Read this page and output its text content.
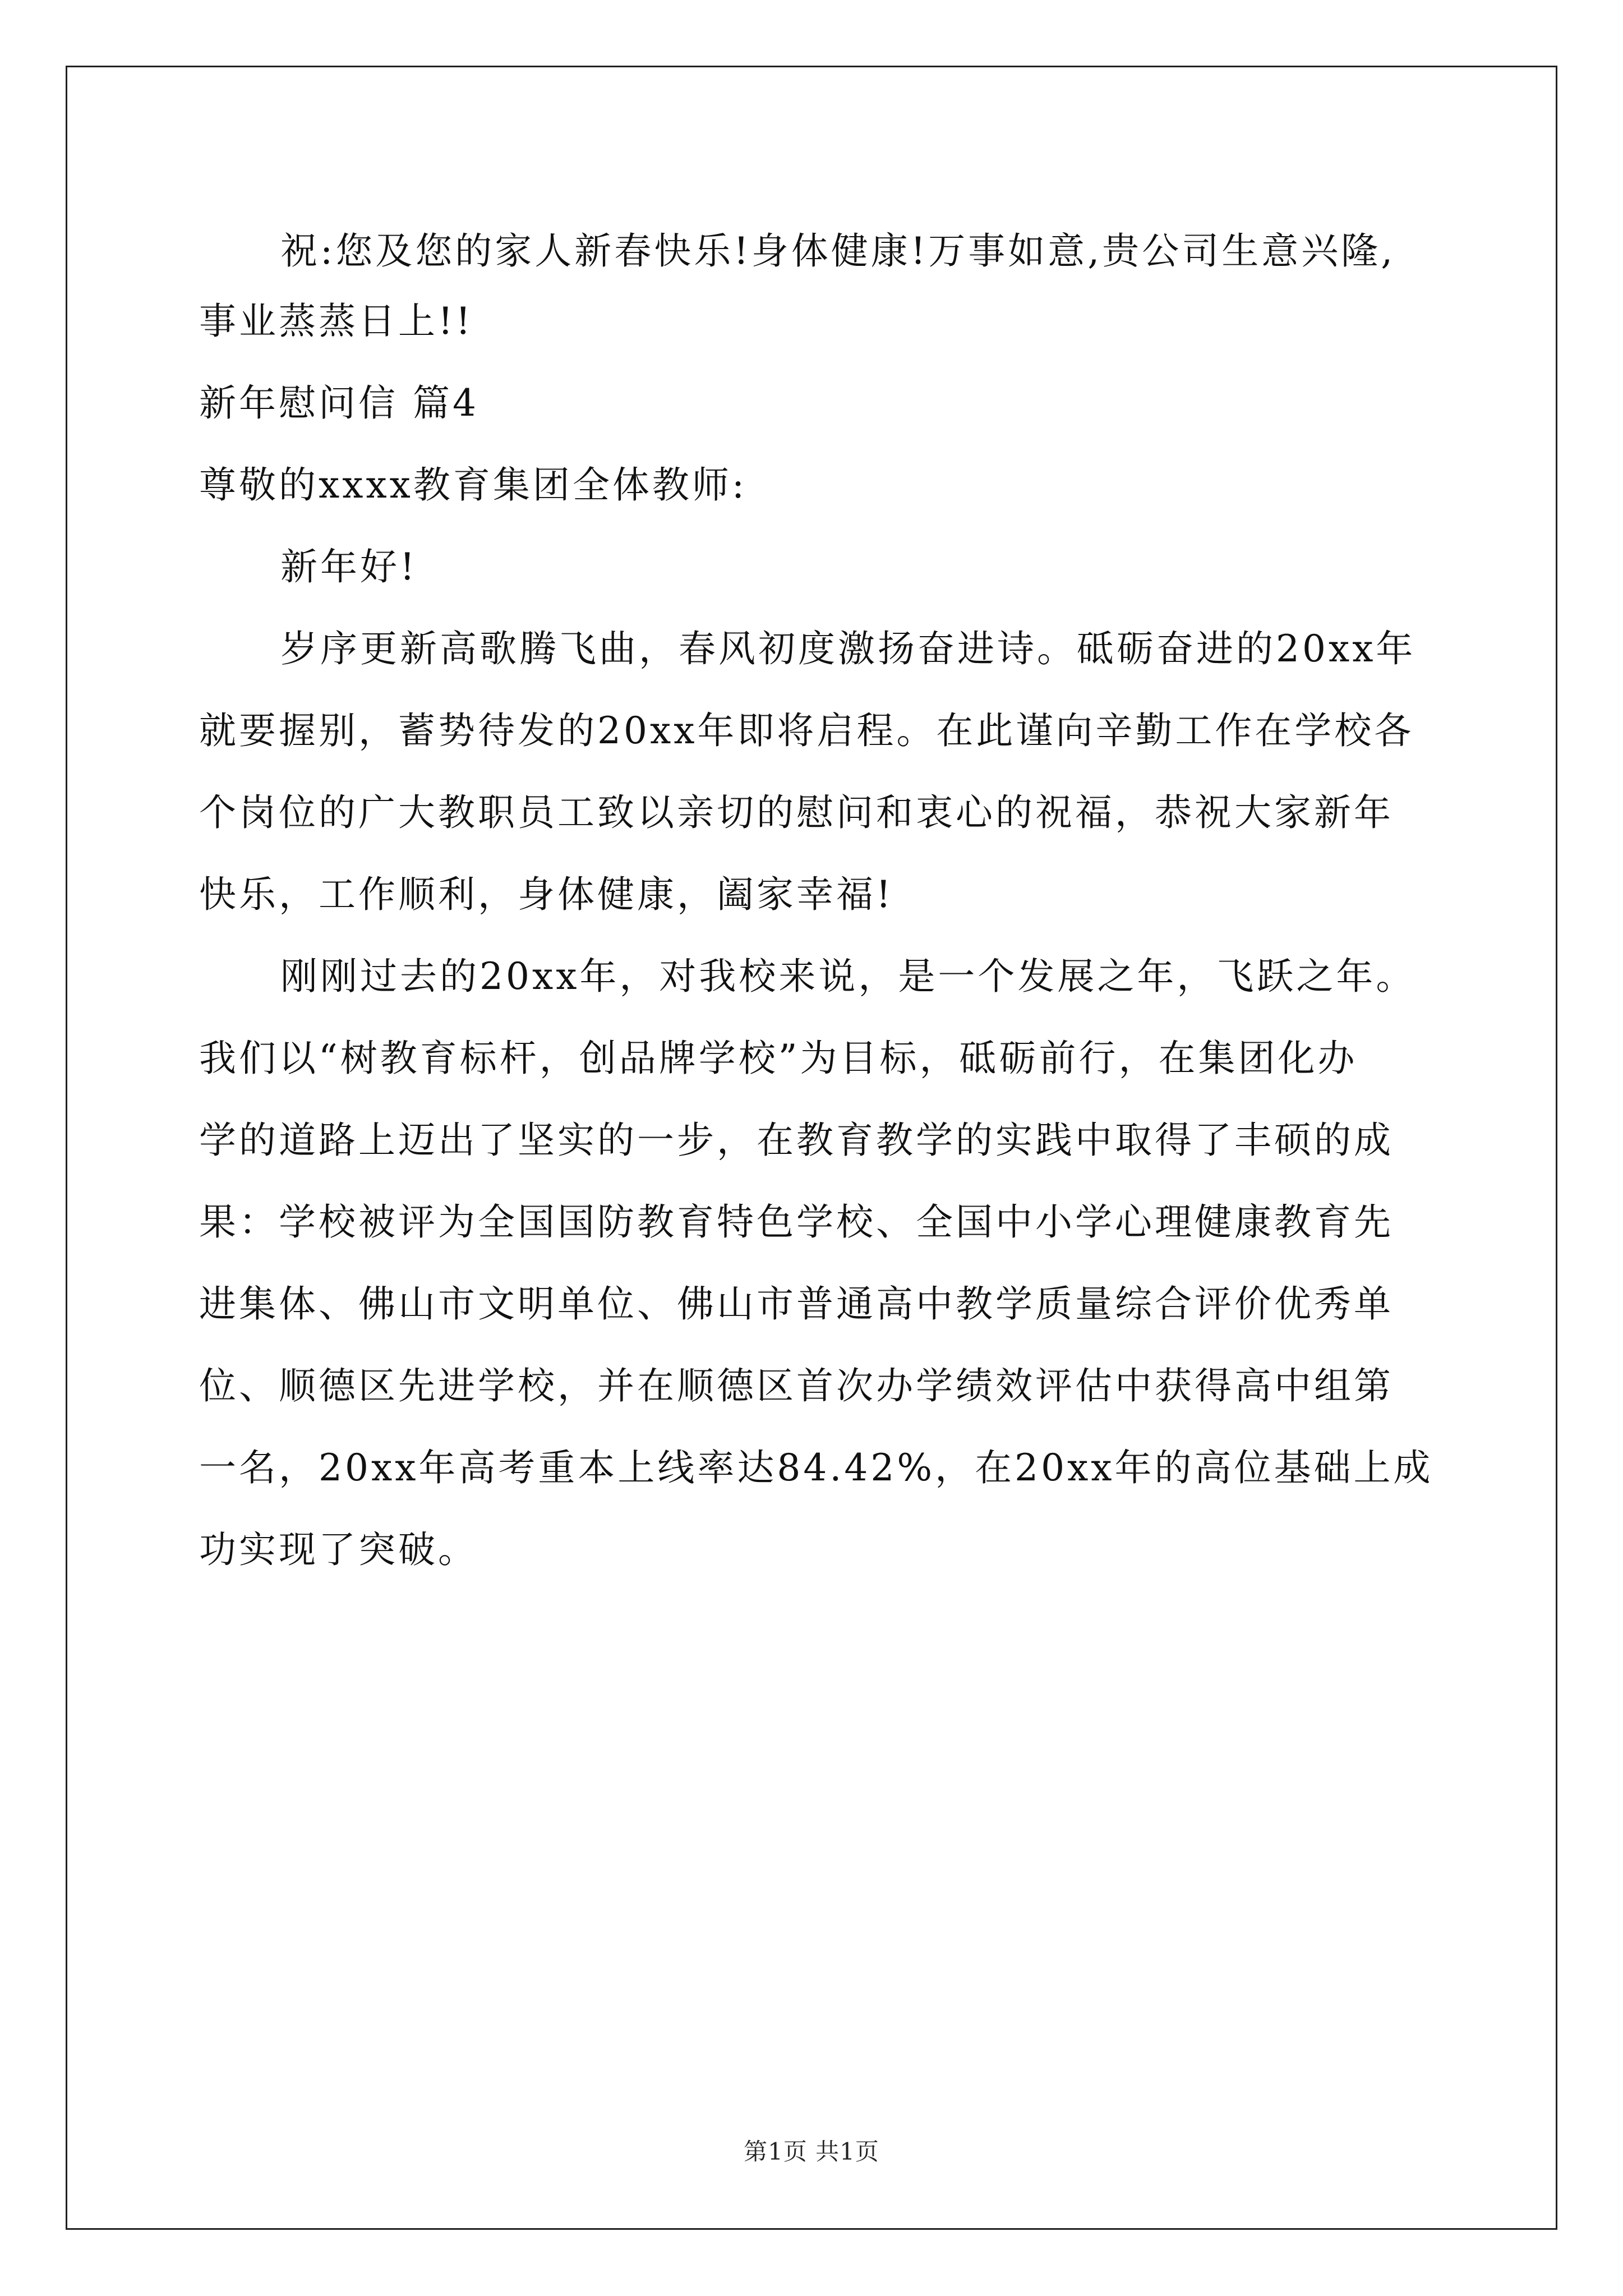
祝:您及您的家人新春快乐!身体健康!万事如意,贵公司生意兴隆,
事业蒸蒸日上!!
新年慰问信 篇4
尊敬的xxxx教育集团全体教师:
新年好!
岁序更新高歌腾飞曲，春风初度激扬奋进诗。砥砺奋进的20xx年
就要握别，蓄势待发的20xx年即将启程。在此谨向辛勤工作在学校各
个岗位的广大教职员工致以亲切的慰问和衷心的祝福，恭祝大家新年
快乐，工作顺利，身体健康，阖家幸福!
刚刚过去的20xx年，对我校来说，是一个发展之年，飞跃之年。
我们以“树教育标杆，创品牌学校”为目标，砥砺前行，在集团化办
学的道路上迈出了坚实的一步，在教育教学的实践中取得了丰硕的成
果：学校被评为全国国防教育特色学校、全国中小学心理健康教育先
进集体、佛山市文明单位、佛山市普通高中教学质量综合评价优秀单
位、顺德区先进学校，并在顺德区首次办学绩效评估中获得高中组第
一名，20xx年高考重本上线率达84.42%，在20xx年的高位基础上成
功实现了突破。
第1页 共1页
